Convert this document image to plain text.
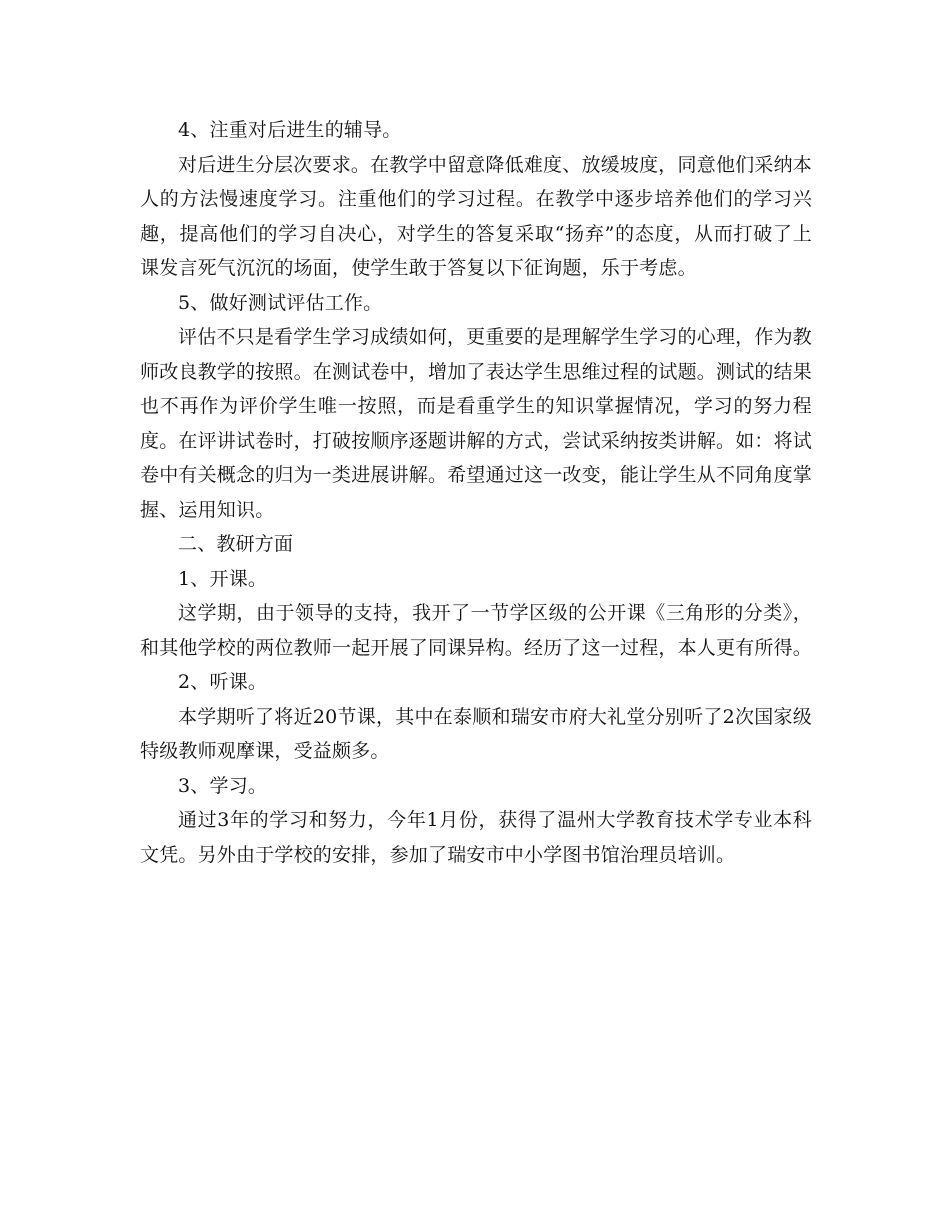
4、注重对后进生的辅导。

对后进生分层次要求。在教学中留意降低难度、放缓坡度，同意他们采纳本人的方法慢速度学习。注重他们的学习过程。在教学中逐步培养他们的学习兴趣，提高他们的学习自决心，对学生的答复采取“扬弃”的态度，从而打破了上课发言死气沉沉的场面，使学生敢于答复以下征询题，乐于考虑。

5、做好测试评估工作。

评估不只是看学生学习成绩如何，更重要的是理解学生学习的心理，作为教师改良教学的按照。在测试卷中，增加了表达学生思维过程的试题。测试的结果也不再作为评价学生唯一按照，而是看重学生的知识掌握情况，学习的努力程度。在评讲试卷时，打破按顺序逐题讲解的方式，尝试采纳按类讲解。如：将试卷中有关概念的归为一类进展讲解。希望通过这一改变，能让学生从不同角度掌握、运用知识。

二、教研方面

1、开课。

这学期，由于领导的支持，我开了一节学区级的公开课《三角形的分类》，和其他学校的两位教师一起开展了同课异构。经历了这一过程，本人更有所得。

2、听课。

本学期听了将近20节课，其中在泰顺和瑞安市府大礼堂分别听了2次国家级特级教师观摩课，受益颇多。

3、学习。

通过3年的学习和努力，今年1月份，获得了温州大学教育技术学专业本科文凭。另外由于学校的安排，参加了瑞安市中小学图书馆治理员培训。
